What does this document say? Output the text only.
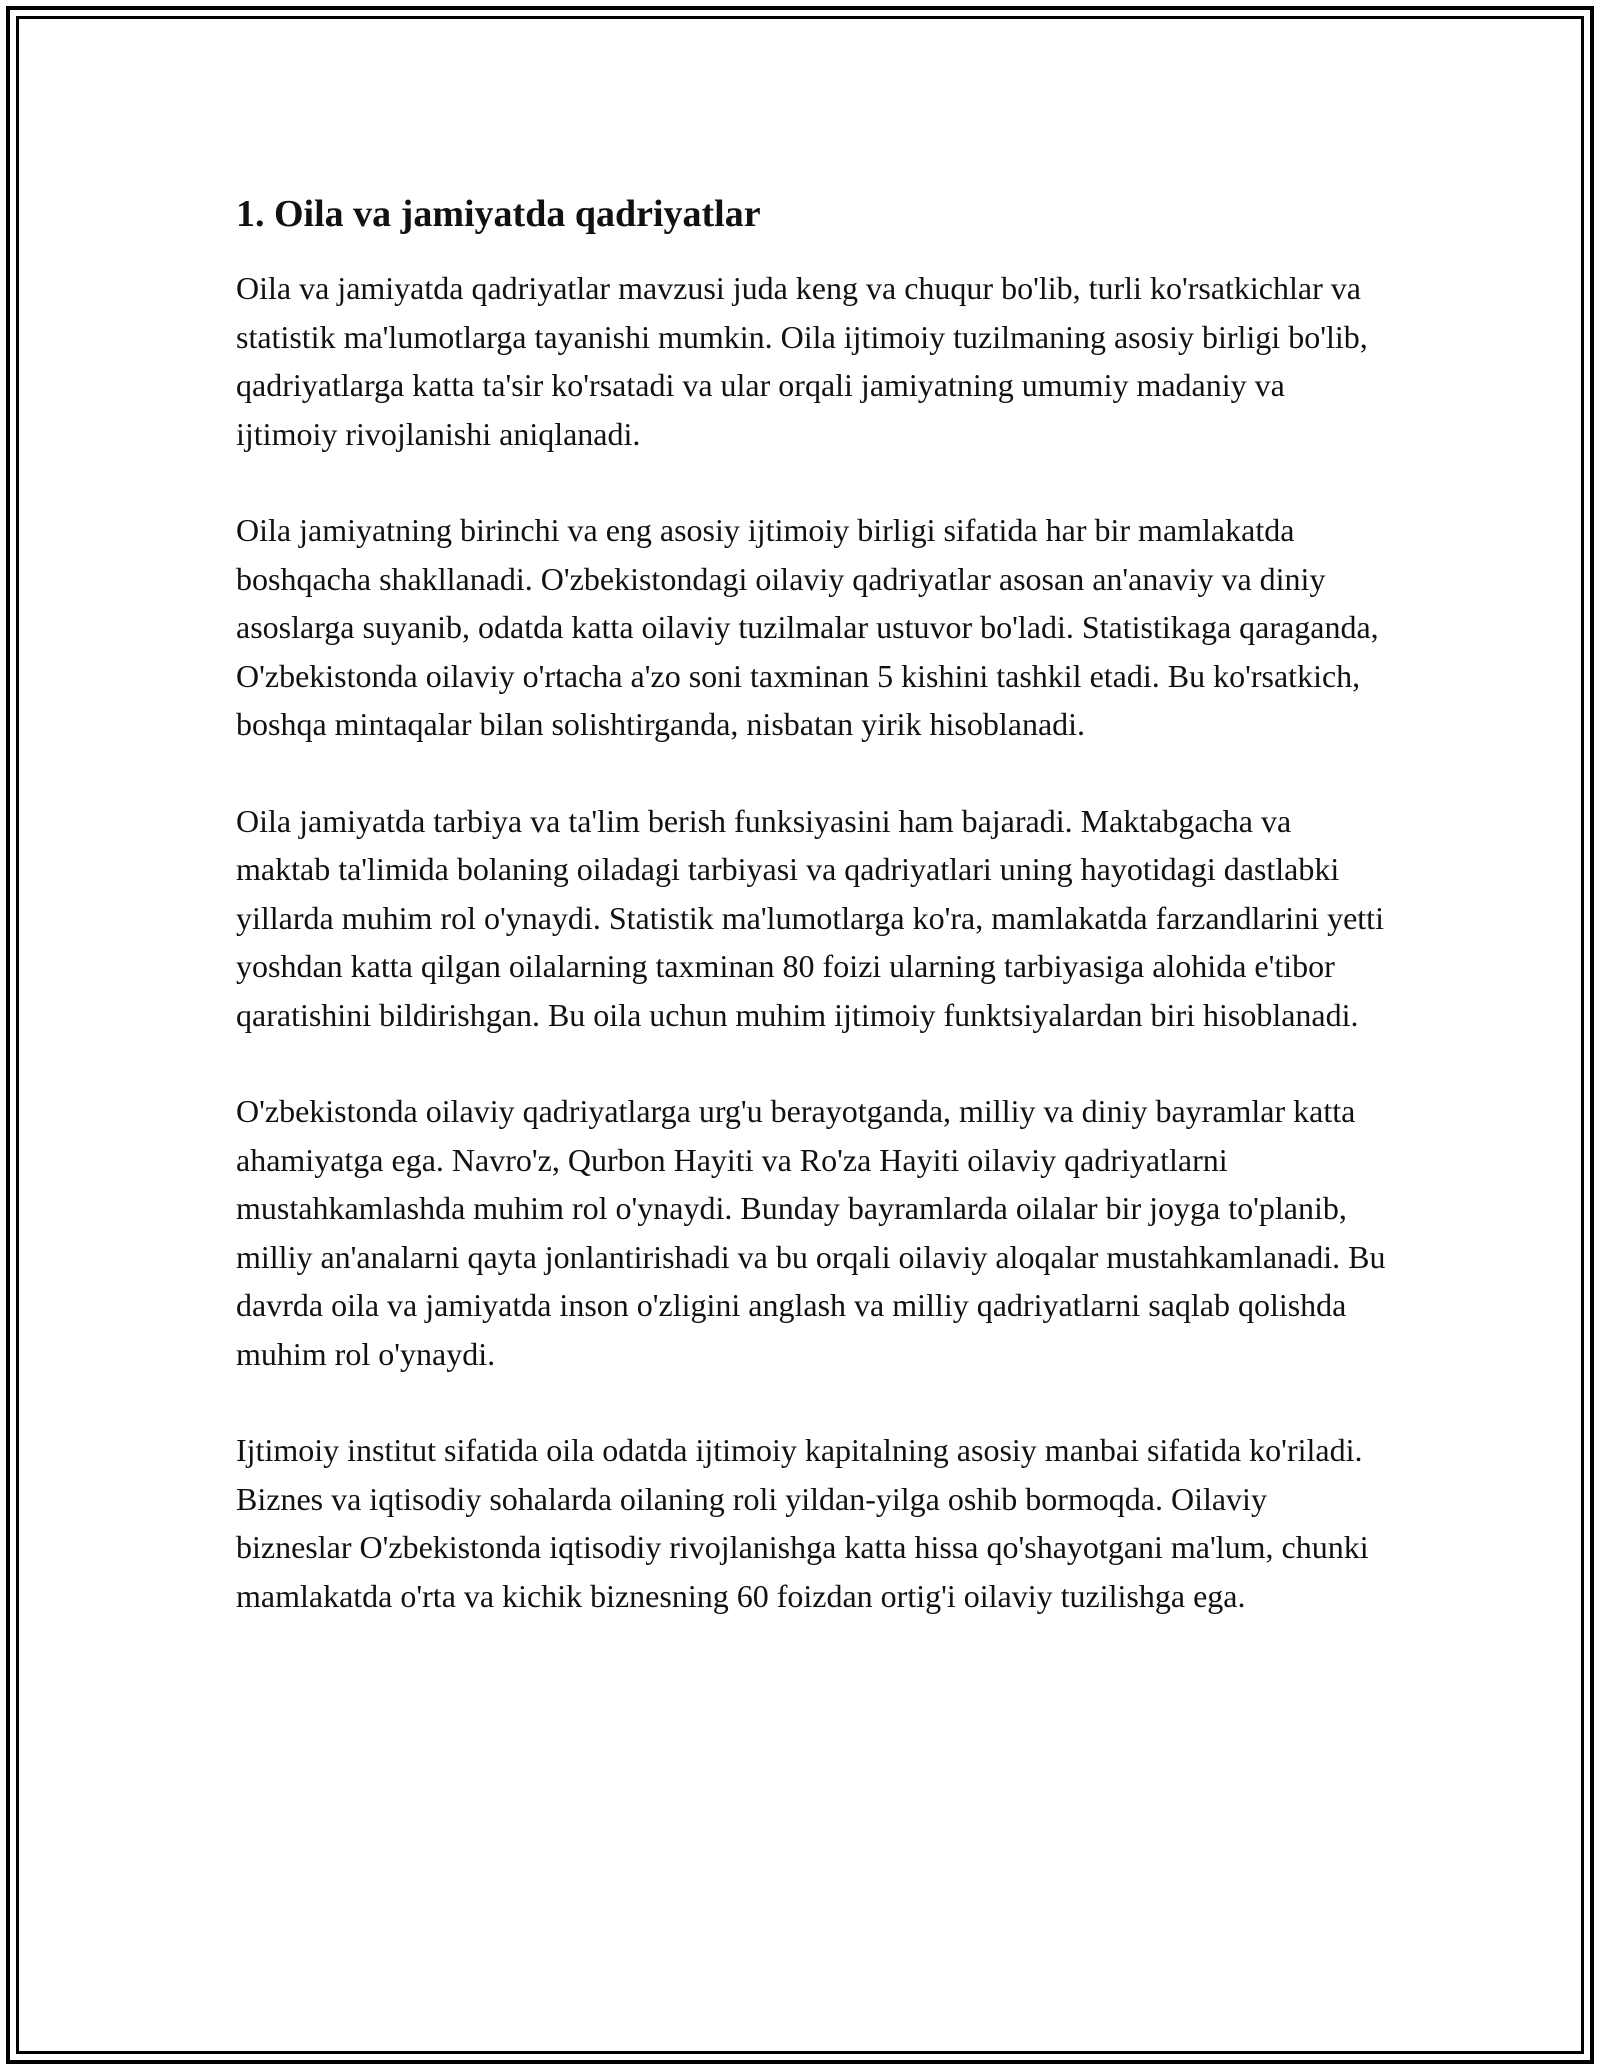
1. Oila va jamiyatda qadriyatlar

Oila va jamiyatda qadriyatlar mavzusi juda keng va chuqur bo'lib, turli ko'rsatkichlar va statistik ma'lumotlarga tayanishi mumkin. Oila ijtimoiy tuzilmaning asosiy birligi bo'lib, qadriyatlarga katta ta'sir ko'rsatadi va ular orqali jamiyatning umumiy madaniy va ijtimoiy rivojlanishi aniqlanadi.

Oila jamiyatning birinchi va eng asosiy ijtimoiy birligi sifatida har bir mamlakatda boshqacha shakllanadi. O'zbekistondagi oilaviy qadriyatlar asosan an'anaviy va diniy asoslarga suyanib, odatda katta oilaviy tuzilmalar ustuvor bo'ladi. Statistikaga qaraganda, O'zbekistonda oilaviy o'rtacha a'zo soni taxminan 5 kishini tashkil etadi. Bu ko'rsatkich, boshqa mintaqalar bilan solishtirganda, nisbatan yirik hisoblanadi.

Oila jamiyatda tarbiya va ta'lim berish funksiyasini ham bajaradi. Maktabgacha va maktab ta'limida bolaning oiladagi tarbiyasi va qadriyatlari uning hayotidagi dastlabki yillarda muhim rol o'ynaydi. Statistik ma'lumotlarga ko'ra, mamlakatda farzandlarini yetti yoshdan katta qilgan oilalarning taxminan 80 foizi ularning tarbiyasiga alohida e'tibor qaratishini bildirishgan. Bu oila uchun muhim ijtimoiy funktsiyalardan biri hisoblanadi.

O'zbekistonda oilaviy qadriyatlarga urg'u berayotganda, milliy va diniy bayramlar katta ahamiyatga ega. Navro'z, Qurbon Hayiti va Ro'za Hayiti oilaviy qadriyatlarni mustahkamlashda muhim rol o'ynaydi. Bunday bayramlarda oilalar bir joyga to'planib, milliy an'analarni qayta jonlantirishadi va bu orqali oilaviy aloqalar mustahkamlanadi. Bu davrda oila va jamiyatda inson o'zligini anglash va milliy qadriyatlarni saqlab qolishda muhim rol o'ynaydi.

Ijtimoiy institut sifatida oila odatda ijtimoiy kapitalning asosiy manbai sifatida ko'riladi. Biznes va iqtisodiy sohalarda oilaning roli yildan-yilga oshib bormoqda. Oilaviy bizneslar O'zbekistonda iqtisodiy rivojlanishga katta hissa qo'shayotgani ma'lum, chunki mamlakatda o'rta va kichik biznesning 60 foizdan ortig'i oilaviy tuzilishga ega.
